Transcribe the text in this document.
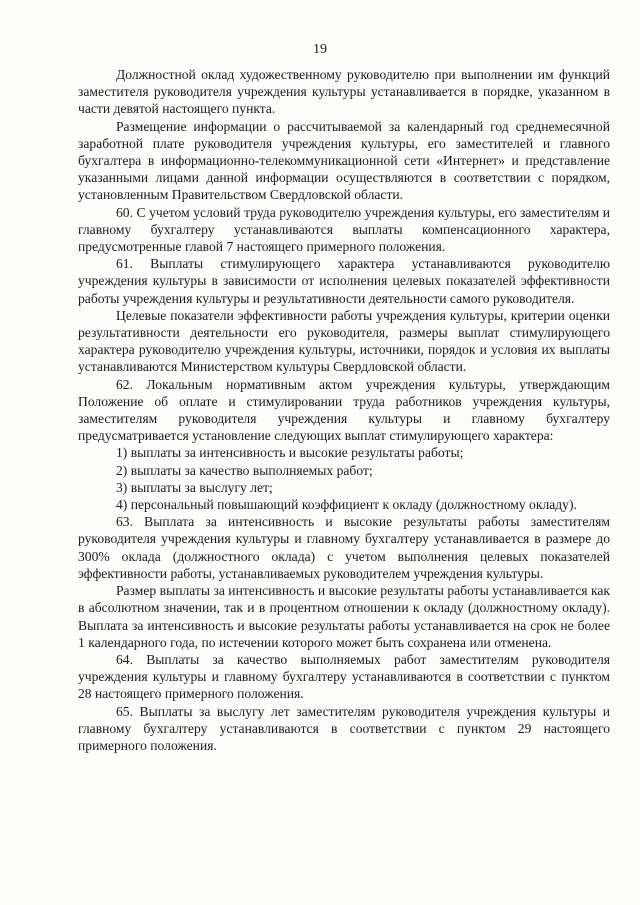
19

Должностной оклад художественному руководителю при выполнении им функций заместителя руководителя учреждения культуры устанавливается в порядке, указанном в части девятой настоящего пункта.

Размещение информации о рассчитываемой за календарный год среднемесячной заработной плате руководителя учреждения культуры, его заместителей и главного бухгалтера в информационно-телекоммуникационной сети «Интернет» и представление указанными лицами данной информации осуществляются в соответствии с порядком, установленным Правительством Свердловской области.

60. С учетом условий труда руководителю учреждения культуры, его заместителям и главному бухгалтеру устанавливаются выплаты компенсационного характера, предусмотренные главой 7 настоящего примерного положения.

61. Выплаты стимулирующего характера устанавливаются руководителю учреждения культуры в зависимости от исполнения целевых показателей эффективности работы учреждения культуры и результативности деятельности самого руководителя.

Целевые показатели эффективности работы учреждения культуры, критерии оценки результативности деятельности его руководителя, размеры выплат стимулирующего характера руководителю учреждения культуры, источники, порядок и условия их выплаты устанавливаются Министерством культуры Свердловской области.

62. Локальным нормативным актом учреждения культуры, утверждающим Положение об оплате и стимулировании труда работников учреждения культуры, заместителям руководителя учреждения культуры и главному бухгалтеру предусматривается установление следующих выплат стимулирующего характера:

1) выплаты за интенсивность и высокие результаты работы;

2) выплаты за качество выполняемых работ;

3) выплаты за выслугу лет;

4) персональный повышающий коэффициент к окладу (должностному окладу).

63. Выплата за интенсивность и высокие результаты работы заместителям руководителя учреждения культуры и главному бухгалтеру устанавливается в размере до 300% оклада (должностного оклада) с учетом выполнения целевых показателей эффективности работы, устанавливаемых руководителем учреждения культуры.

Размер выплаты за интенсивность и высокие результаты работы устанавливается как в абсолютном значении, так и в процентном отношении к окладу (должностному окладу). Выплата за интенсивность и высокие результаты работы устанавливается на срок не более 1 календарного года, по истечении которого может быть сохранена или отменена.

64. Выплаты за качество выполняемых работ заместителям руководителя учреждения культуры и главному бухгалтеру устанавливаются в соответствии с пунктом 28 настоящего примерного положения.

65. Выплаты за выслугу лет заместителям руководителя учреждения культуры и главному бухгалтеру устанавливаются в соответствии с пунктом 29 настоящего примерного положения.
